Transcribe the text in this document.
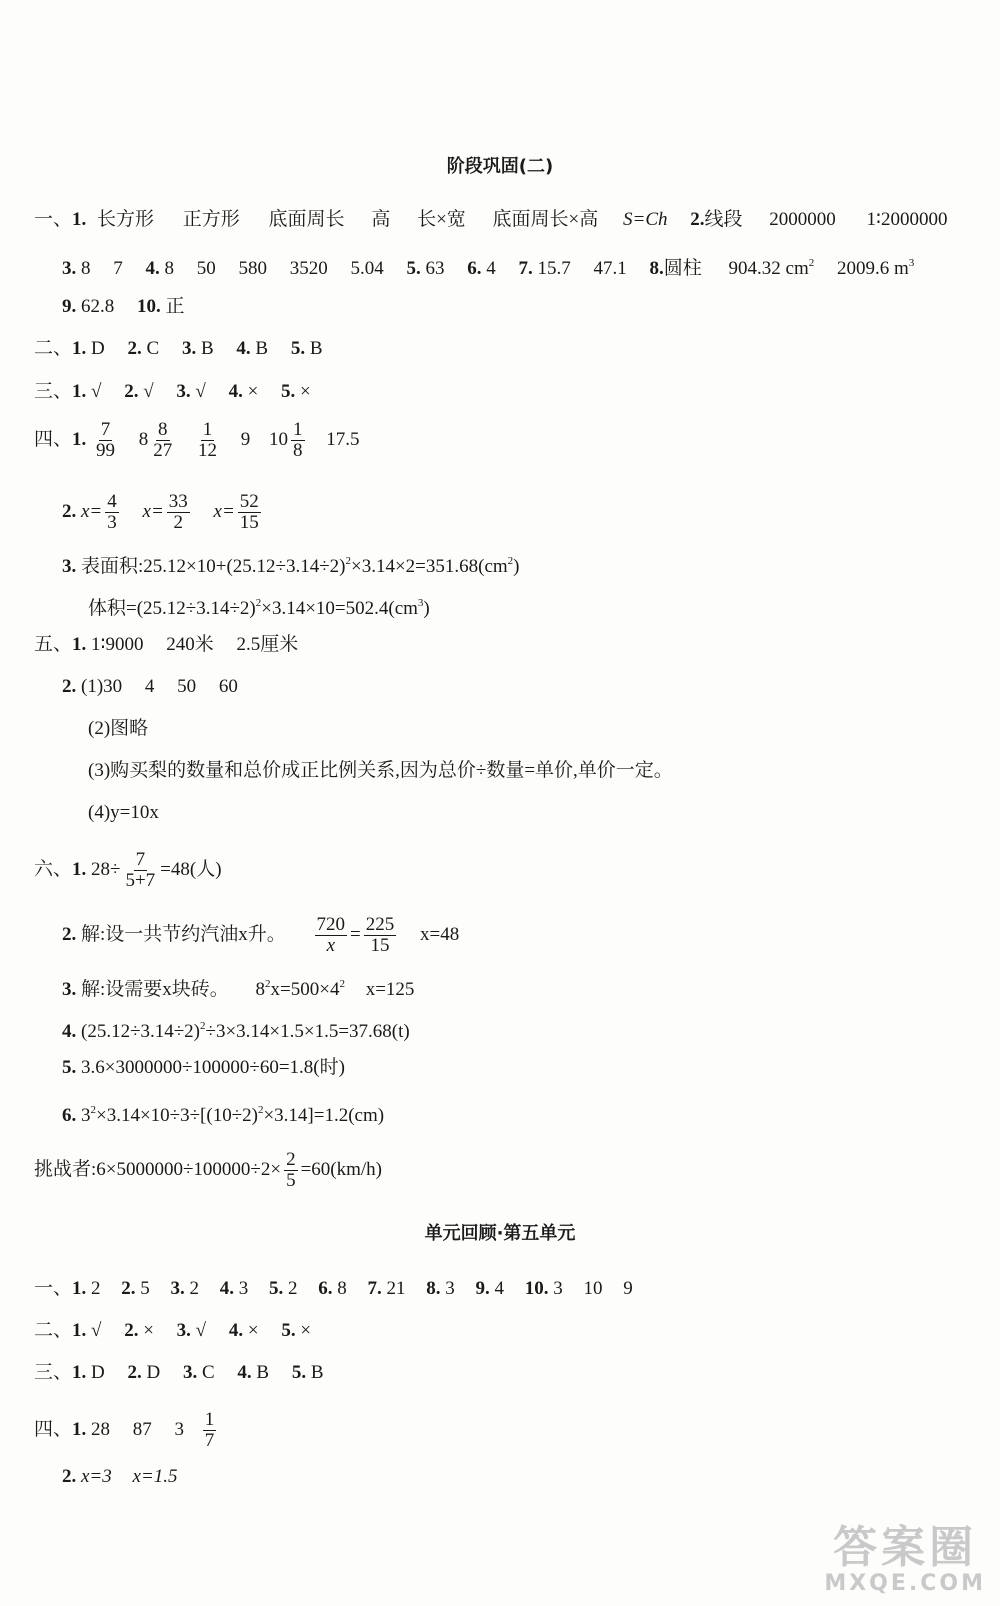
阶段巩固(二)
一、1. 长方形 正方形 底面周长 高 长×宽 底面周长×高 S=Ch 2.线段 2000000 1∶2000000
3. 8 7 4. 8 50 580 3520 5.04 5. 63 6. 4 7. 15.7 47.1 8.圆柱 904.32 $cm^2$ 2009.6 $m^3$
9. 62.8 10. 正
二、1. D 2. C 3. B 4. B 5. B
三、1. √ 2. √ 3. √ 4. × 5. ×
四、1. $\frac{7}{99} 8 \frac{8}{27}$
$\frac{1}{12} 9$ $10 \frac{1}{8} 17.5$
2. $x= \frac{4}{3} x= \frac{33}{2} x= \frac{52}{15}$
3. 表面积$:25.12\times 10+(25.12\div 3.14\div 2)^2\times 3.14\times 2=351.68(cm^2)$
体积$=(25.12\div 3.14\div 2)^2\times 3.14\times 10=502.4(cm^3)$
五、1. 1∶9000 240米 2.5厘米
2. (1)30 4 50 60
(2)图略
(3)购买梨的数量和总价成正比例关系,因为总价÷数量=单价,单价一定。
(4)y=10x
六、1. $28\div \frac{7}{5+7} =48$(人)
2. 解:设一共节约汽油x升。 $\frac{720}{x} = \frac{225}{15} x=48$
3. 解:设需要x块砖。 $8^2x=500\times 4^2$ x=125
4. $(25.12\div 3.14\div 2)^2\div 3\times 3.14\times 1.5\times 1.5=37.68(t)$
5. 3.6×3000000÷100000÷60=1.8(时)
6. $3^2\times 3.14\times 10\div 3\div[(10\div 2)^2\times 3.14]=1.2(cm)$
挑战者:6×5000000÷100000÷2× $\frac{2}{5} =60(km/h)$
单元回顾·第五单元
一、1. 2 2. 5 3. 2 4. 3 5. 2 6. 8 7. 21 8. 3 9. 4 10. 3 10 9
二、1. √ 2. × 3. √ 4. × 5. ×
三、1. D 2. D 3. C 4. B 5. B
四、1. 28 87 $3 \frac{1}{7}$
2. x=3 x=1.5
答案圈
MXQE.COM
